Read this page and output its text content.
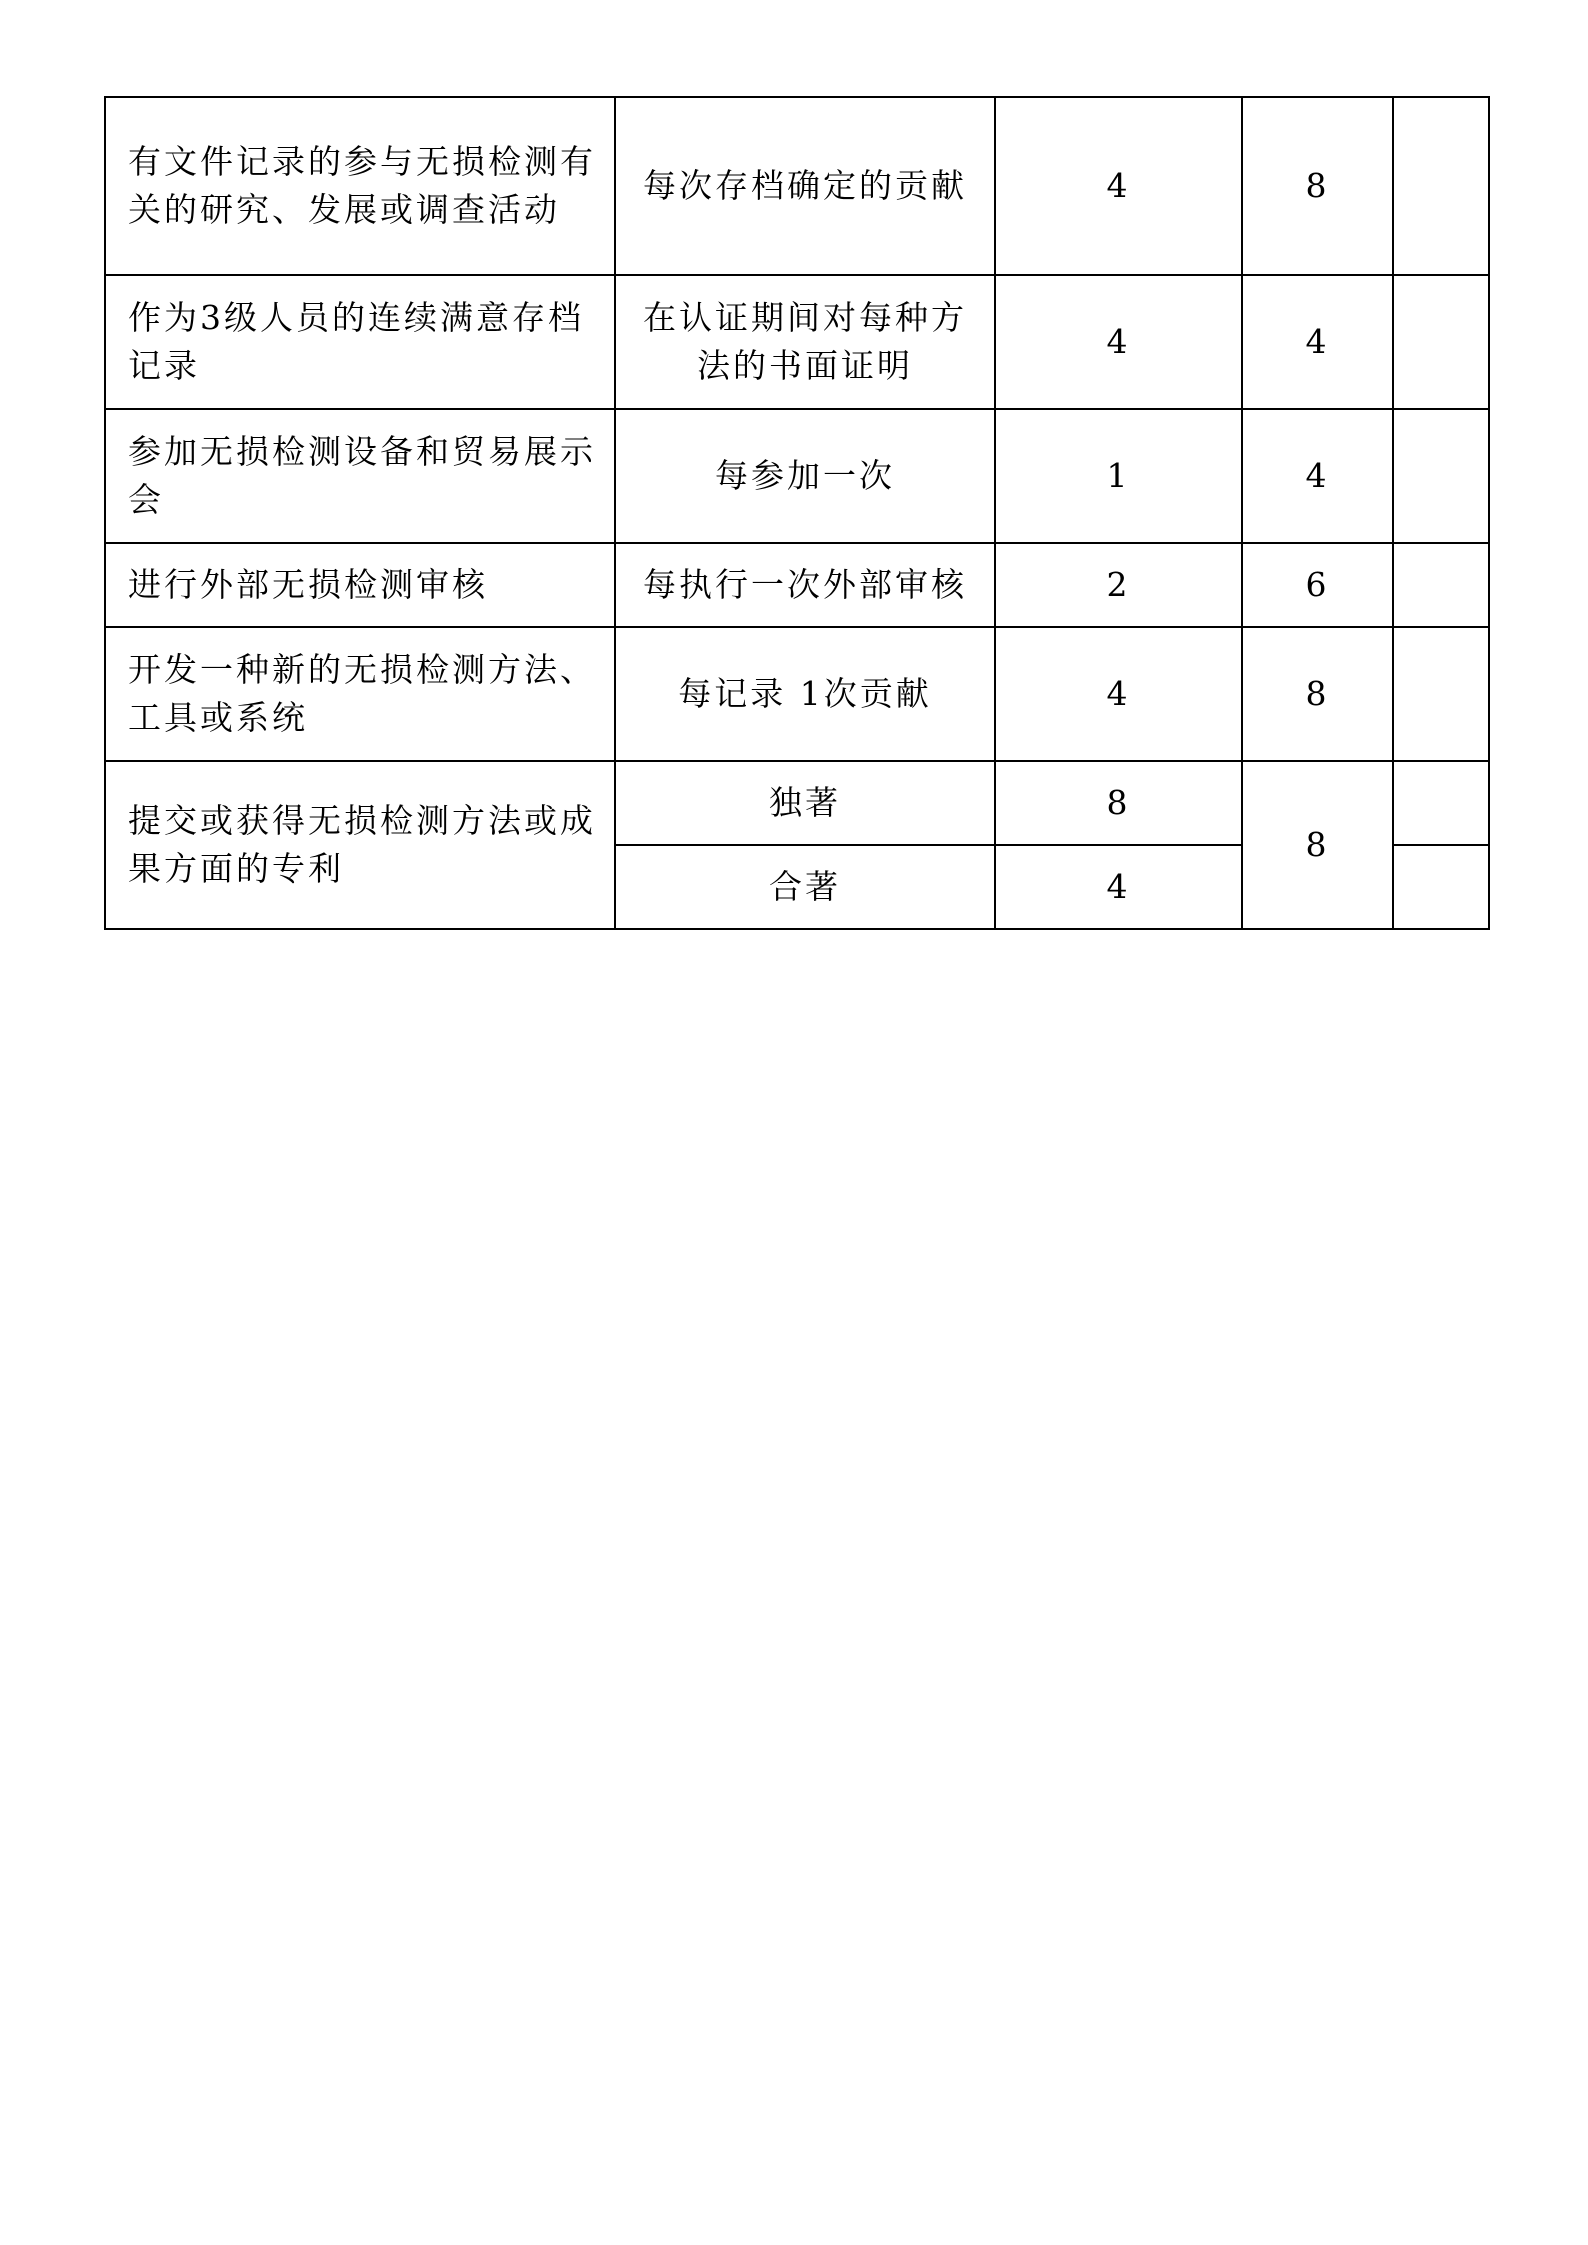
有文件记录的参与无损检测有关的研究、发展或调查活动	每次存档确定的贡献	4	8	
作为3级人员的连续满意存档记录	在认证期间对每种方法的书面证明	4	4	
参加无损检测设备和贸易展示会	每参加一次	1	4	
进行外部无损检测审核	每执行一次外部审核	2	6	
开发一种新的无损检测方法、工具或系统	每记录 1次贡献	4	8	
提交或获得无损检测方法或成果方面的专利	独著	8	8	
	合著	4		
